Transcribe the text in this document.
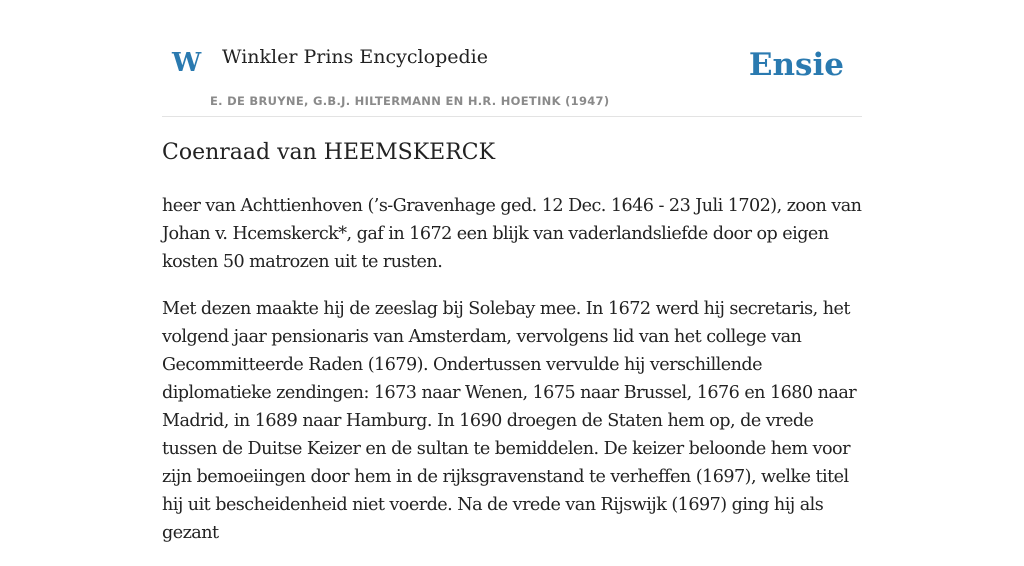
W Winkler Prins Encyclopedie
E. DE BRUYNE, G.B.J. HILTERMANN EN H.R. HOETINK (1947)
Ensie
Coenraad van HEEMSKERCK

heer van Achttienhoven (’s-Gravenhage ged. 12 Dec. 1646 - 23 Juli 1702), zoon van Johan v. Hcemskerck*, gaf in 1672 een blijk van vaderlandsliefde door op eigen kosten 50 matrozen uit te rusten.

Met dezen maakte hij de zeeslag bij Solebay mee. In 1672 werd hij secretaris, het volgend jaar pensionaris van Amsterdam, vervolgens lid van het college van Gecommitteerde Raden (1679). Ondertussen vervulde hij verschillende diplomatieke zendingen: 1673 naar Wenen, 1675 naar Brussel, 1676 en 1680 naar Madrid, in 1689 naar Hamburg. In 1690 droegen de Staten hem op, de vrede tussen de Duitse Keizer en de sultan te bemiddelen. De keizer beloonde hem voor zijn bemoeiingen door hem in de rijksgravenstand te verheffen (1697), welke titel hij uit bescheidenheid niet voerde. Na de vrede van Rijswijk (1697) ging hij als gezant
